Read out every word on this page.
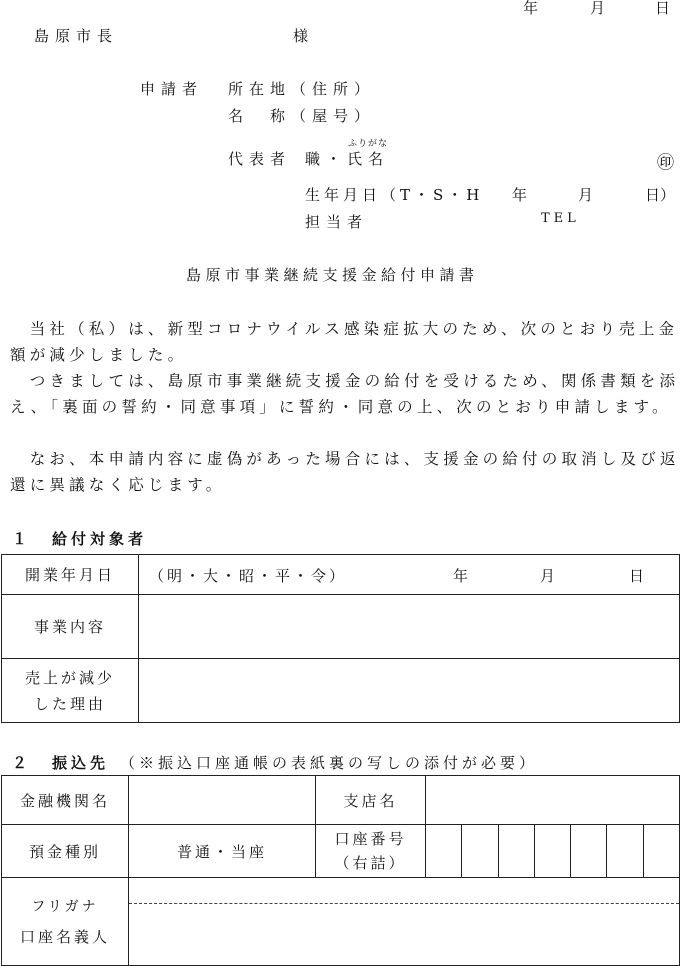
年	月	日
島原市長	様
申請者 所在地（住所）
名　称（屋号）
ふりがな
代表者 職・氏名	㊞
生年月日（T・S・H 年	月	日）
担当者	TEL
島原市事業継続支援金給付申請書
　当社（私）は、新型コロナウイルス感染症拡大のため、次のとおり売上金額が減少しました。
　つきましては、島原市事業継続支援金の給付を受けるため、関係書類を添え、「裏面の誓約・同意事項」に誓約・同意の上、次のとおり申請します。
　なお、本申請内容に虚偽があった場合には、支援金の給付の取消し及び返還に異議なく応じます。
１ 給付対象者
開業年月日	（明・大・昭・平・令） 年 月 日

事業内容	

売上が減少
した理由	

２ 振込先 （※振込口座通帳の表紙裏の写しの添付が必要）
金融機関名		支店名							
預金種別	普通・当座	口座番号
（右詰）							

フリガナ
口座名義人									
